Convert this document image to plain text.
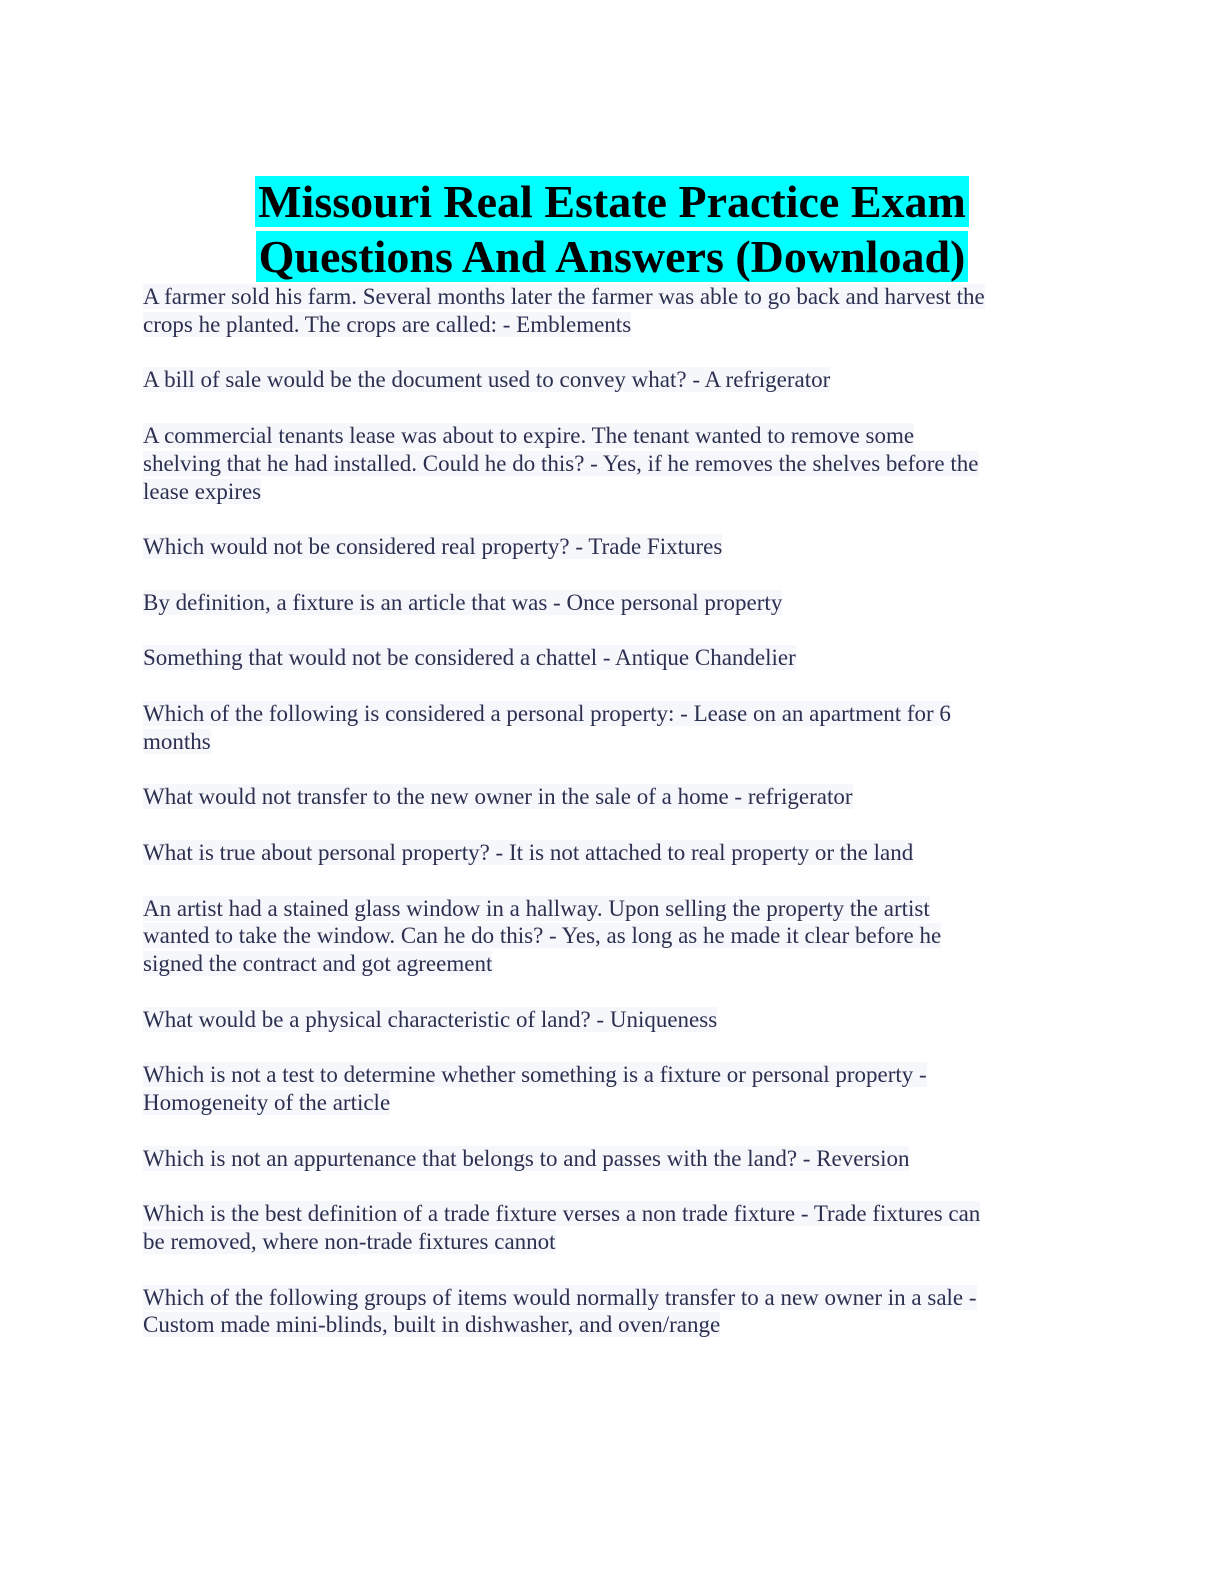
Missouri Real Estate Practice Exam
Questions And Answers (Download)
A farmer sold his farm. Several months later the farmer was able to go back and harvest the
crops he planted. The crops are called: - Emblements
A bill of sale would be the document used to convey what? - A refrigerator
A commercial tenants lease was about to expire. The tenant wanted to remove some
shelving that he had installed. Could he do this? - Yes, if he removes the shelves before the
lease expires
Which would not be considered real property? - Trade Fixtures
By definition, a fixture is an article that was - Once personal property
Something that would not be considered a chattel - Antique Chandelier
Which of the following is considered a personal property: - Lease on an apartment for 6
months
What would not transfer to the new owner in the sale of a home - refrigerator
What is true about personal property? - It is not attached to real property or the land
An artist had a stained glass window in a hallway. Upon selling the property the artist
wanted to take the window. Can he do this? - Yes, as long as he made it clear before he
signed the contract and got agreement
What would be a physical characteristic of land? - Uniqueness
Which is not a test to determine whether something is a fixture or personal property -
Homogeneity of the article
Which is not an appurtenance that belongs to and passes with the land? - Reversion
Which is the best definition of a trade fixture verses a non trade fixture - Trade fixtures can
be removed, where non-trade fixtures cannot
Which of the following groups of items would normally transfer to a new owner in a sale -
Custom made mini-blinds, built in dishwasher, and oven/range
